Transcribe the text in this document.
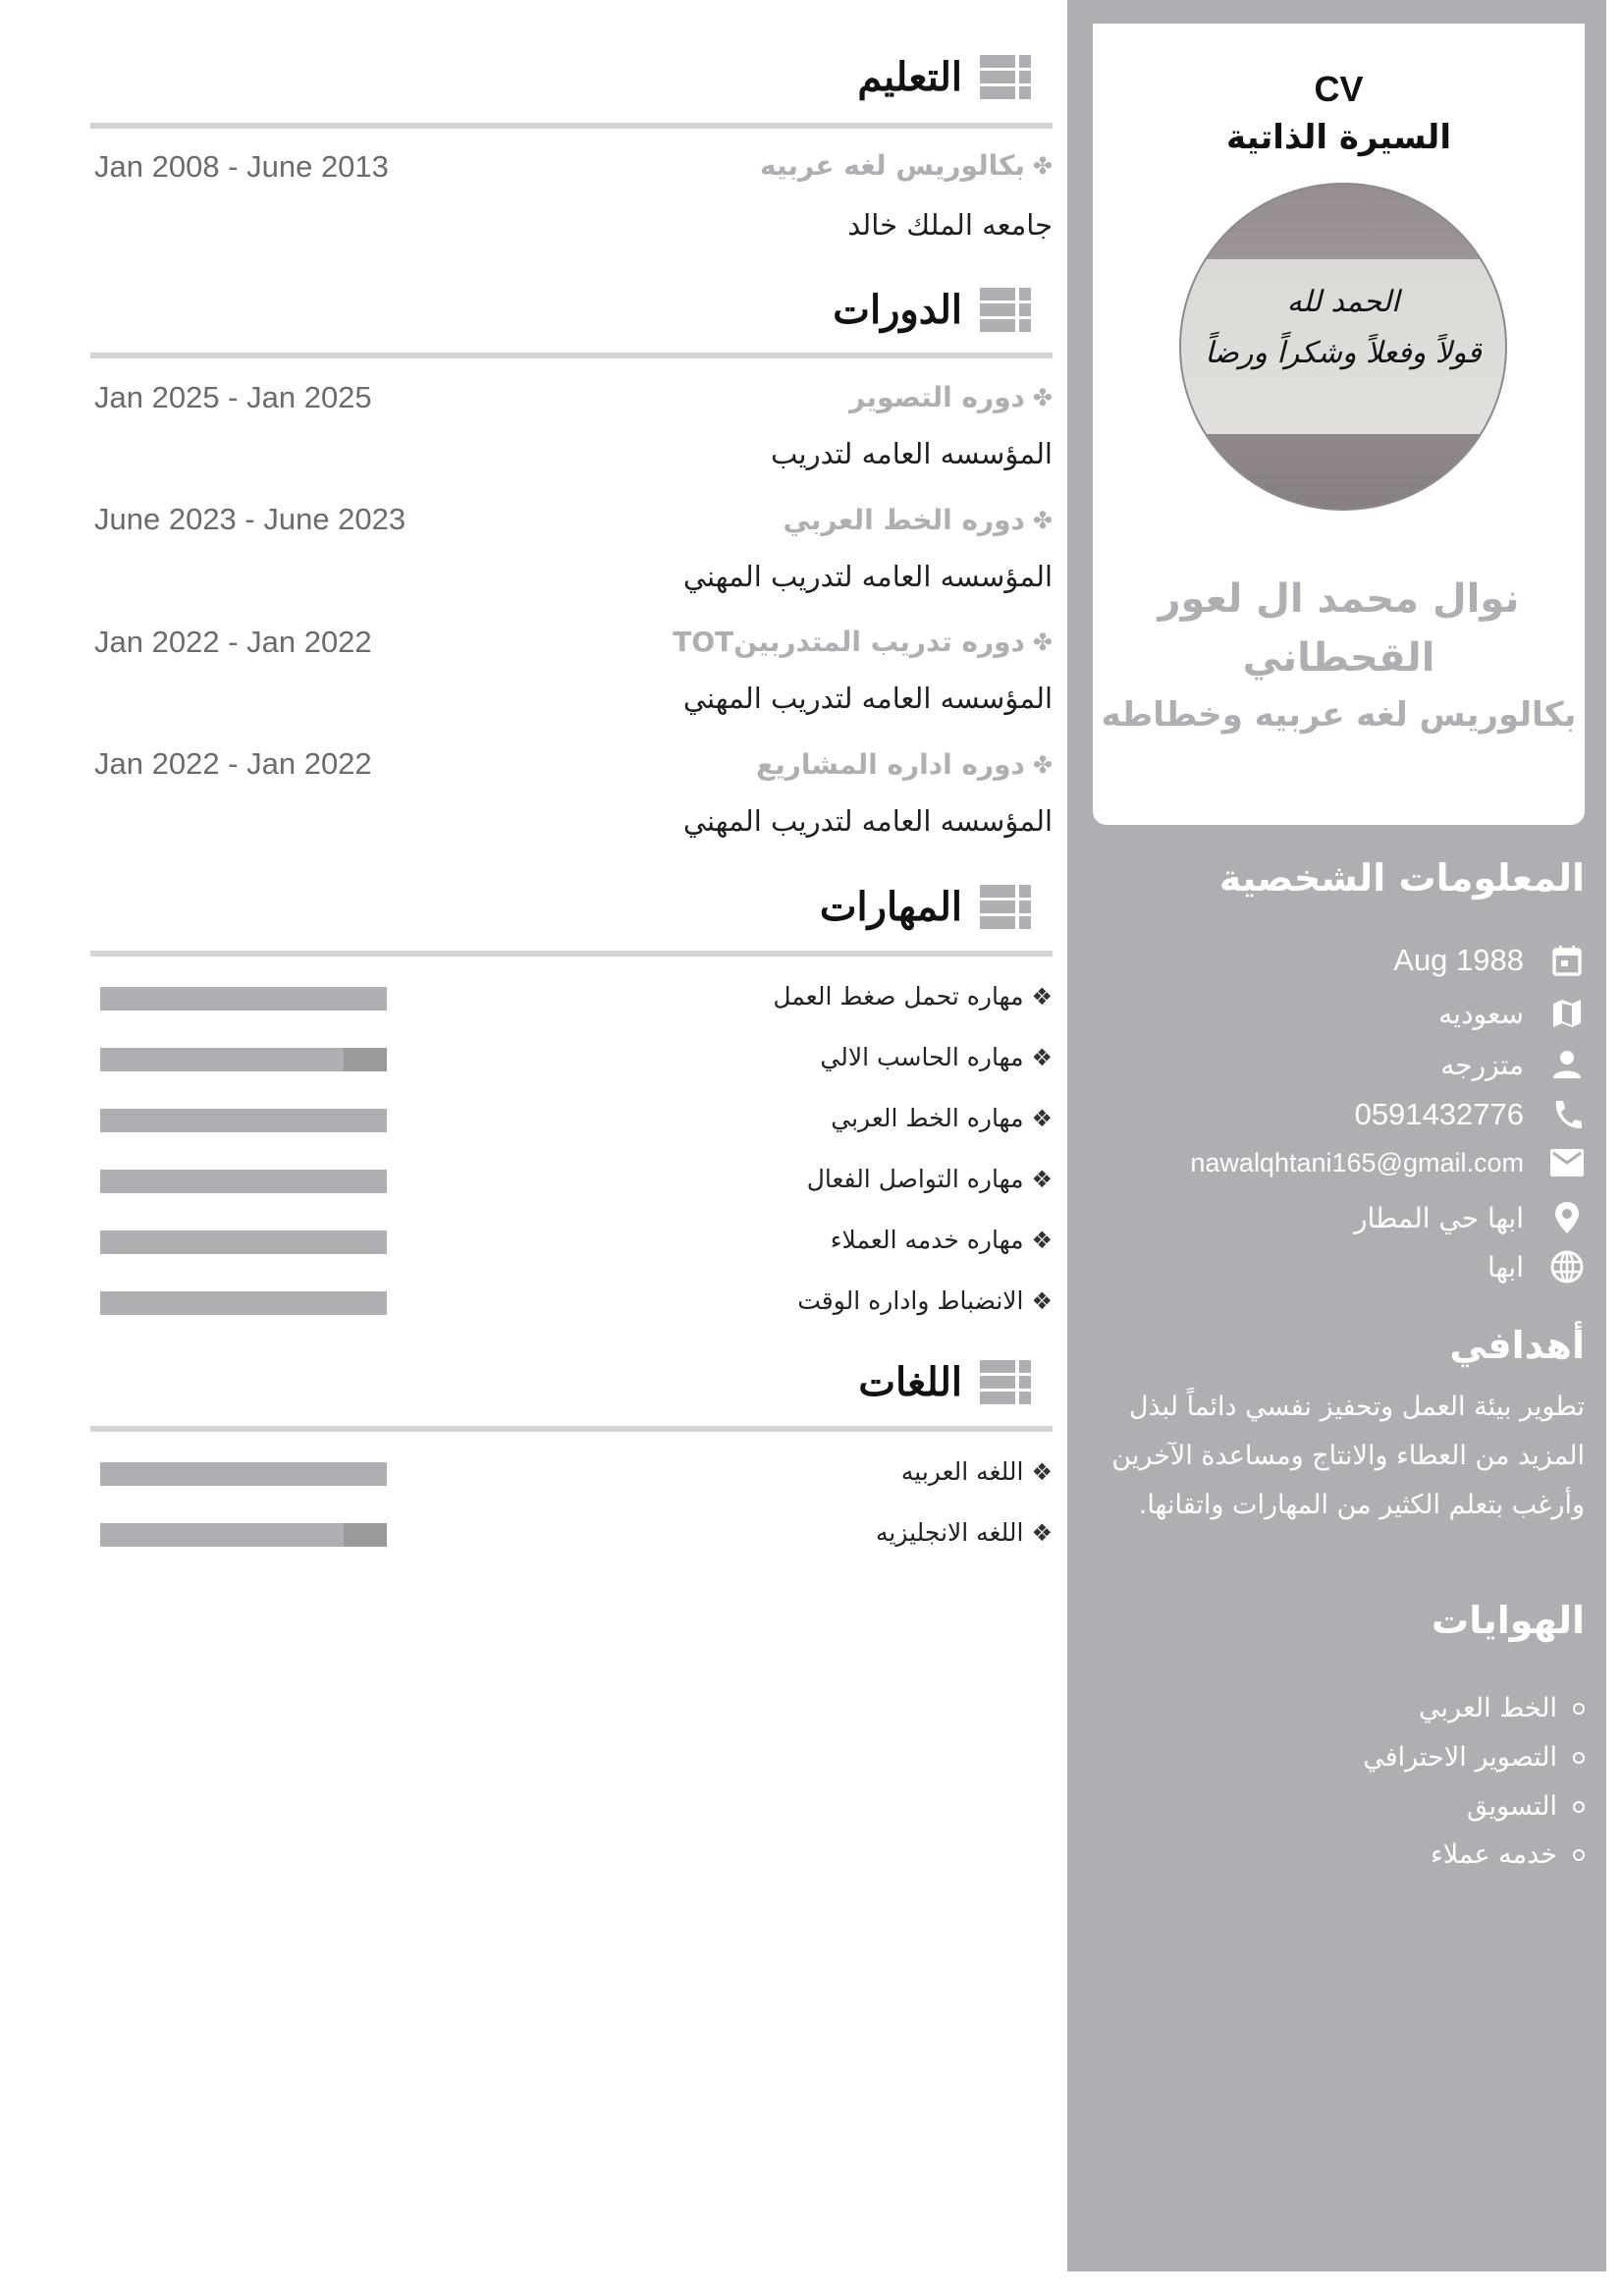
التعليم
✤
بكالوريس لغه عربيه
Jan 2008 - June 2013
جامعه الملك خالد
الدورات
✤
دوره التصوير
Jan 2025 - Jan 2025
المؤسسه العامه لتدريب
✤
دوره الخط العربي
June 2023 - June 2023
المؤسسه العامه لتدريب المهني
✤
دوره تدريب المتدربينTOT
Jan 2022 - Jan 2022
المؤسسه العامه لتدريب المهني
✤
دوره اداره المشاريع
Jan 2022 - Jan 2022
المؤسسه العامه لتدريب المهني
المهارات
❖
مهاره تحمل صغط العمل
❖
مهاره الحاسب الالي
❖
مهاره الخط العربي
❖
مهاره التواصل الفعال
❖
مهاره خدمه العملاء
❖
الانضباط واداره الوقت
اللغات
❖
اللغه العربيه
❖
اللغه الانجليزيه
CV
السيرة الذاتية
الحمد لله
قولاً وفعلاً وشكراً ورضاً
نوال محمد ال لعور
القحطاني
بكالوريس لغه عربيه وخطاطه
المعلومات الشخصية
Aug 1988
سعوديه
متزرجه
0591432776
nawalqhtani165@gmail.com
ابها حي المطار
ابها
أهدافي
تطوير بيئة العمل وتحفيز نفسي دائماً لبذل المزيد من العطاء والانتاج ومساعدة الآخرين وأرغب بتعلم الكثير من المهارات واتقانها.
الهوايات
الخط العربي
التصوير الاحترافي
التسويق
خدمه عملاء
